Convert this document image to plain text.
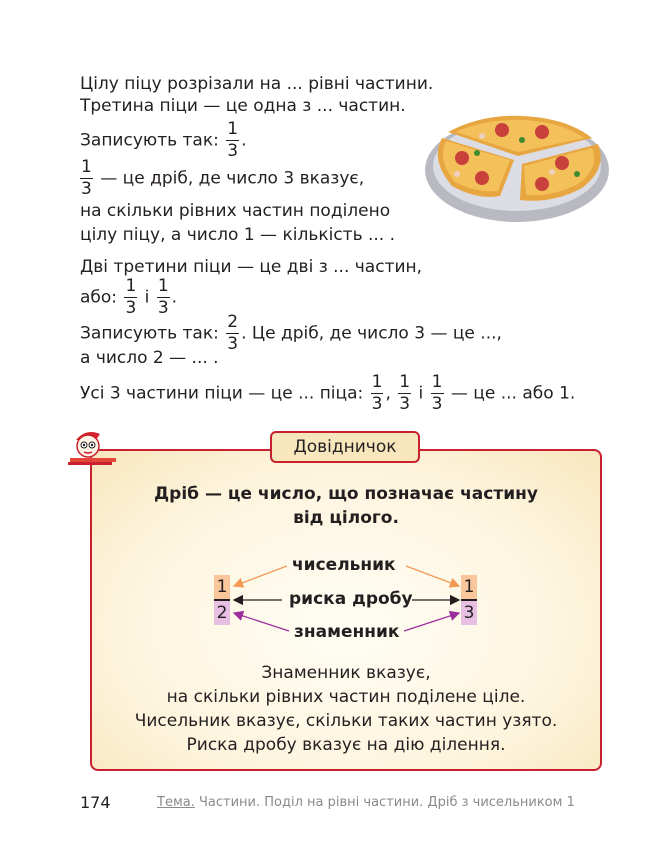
Цілу піцу розрізали на ... рівні частини.
Третина піци — це одна з ... частин.
Записують так: $\frac{1}{3}$ .
$\frac{1}{3}$ — це дріб, де число 3 вказує,
на скільки рівних частин поділено
цілу піцу, а число 1 — кількість ... .
Дві третини піци — це дві з ... частин,
або: $\frac{1}{3}$ і $\frac{1}{3}$ .
Записують так: $\frac{2}{3}$ . Це дріб, де число 3 — це ...,
а число 2 — ... .
Усі 3 частини піци — це ... піца: $\frac{1}{3}$ , $\frac{1}{3}$ і $\frac{1}{3}$ — це ... або 1.
Довідничок
Дріб — це число, що позначає частину
від цілого.
чисельник
риска дробу
знаменник
1
2
1
3
Знаменник вказує,
на скільки рівних частин поділене ціле.
Чисельник вказує, скільки таких частин узято.
Риска дробу вказує на дію ділення.
174	Тема. Частини. Поділ на рівні частини. Дріб з чисельником 1
